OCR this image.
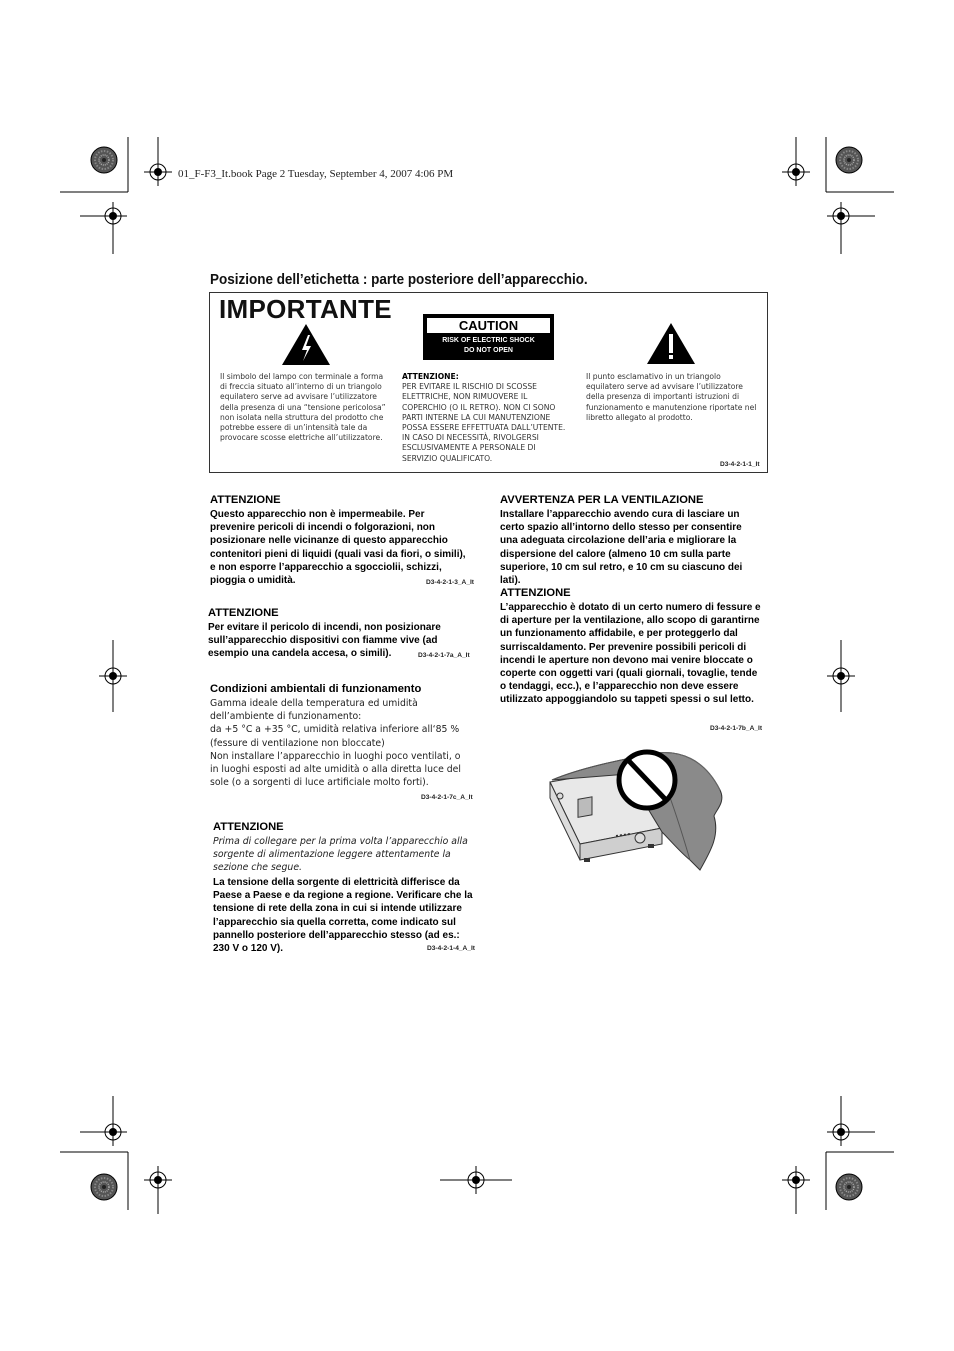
01_F-F3_It.book Page 2 Tuesday, September 4, 2007 4:06 PM
Posizione dell’etichetta : parte posteriore dell’apparecchio.
IMPORTANTE
CAUTION
RISK OF ELECTRIC SHOCK
DO NOT OPEN
Il simbolo del lampo con terminale a forma di freccia situato all’interno di un triangolo equilatero serve ad avvisare l’utilizzatore della presenza di una “tensione pericolosa” non isolata nella struttura del prodotto che potrebbe essere di un’intensità tale da provocare scosse elettriche all’utilizzatore.
ATTENZIONE:
PER EVITARE IL RISCHIO DI SCOSSE ELETTRICHE, NON RIMUOVERE IL COPERCHIO (O IL RETRO). NON CI SONO PARTI INTERNE LA CUI MANUTENZIONE POSSA ESSERE EFFETTUATA DALL’UTENTE. IN CASO DI NECESSITÀ, RIVOLGERSI ESCLUSIVAMENTE A PERSONALE DI SERVIZIO QUALIFICATO.
Il punto esclamativo in un triangolo equilatero serve ad avvisare l’utilizzatore della presenza di importanti istruzioni di funzionamento e manutenzione riportate nel libretto allegato al prodotto.
D3-4-2-1-1_It
ATTENZIONE
Questo apparecchio non è impermeabile. Per prevenire pericoli di incendi o folgorazioni, non posizionare nelle vicinanze di questo apparecchio contenitori pieni di liquidi (quali vasi da fiori, o simili), e non esporre l’apparecchio a sgocciolii, schizzi, pioggia o umidità.	D3-4-2-1-3_A_It
ATTENZIONE
Per evitare il pericolo di incendi, non posizionare sull’apparecchio dispositivi con fiamme vive (ad esempio una candela accesa, o simili).	D3-4-2-1-7a_A_It
Condizioni ambientali di funzionamento
Gamma ideale della temperatura ed umidità
dell’ambiente di funzionamento:
da +5 °C a +35 °C, umidità relativa inferiore all‘85 %
(fessure di ventilazione non bloccate)
Non installare l’apparecchio in luoghi poco ventilati, o
in luoghi esposti ad alte umidità o alla diretta luce del
sole (o a sorgenti di luce artificiale molto forti).
D3-4-2-1-7c_A_It
ATTENZIONE
Prima di collegare per la prima volta l’apparecchio alla sorgente di alimentazione leggere attentamente la sezione che segue.
La tensione della sorgente di elettricità differisce da Paese a Paese e da regione a regione. Verificare che la tensione di rete della zona in cui si intende utilizzare l’apparecchio sia quella corretta, come indicato sul pannello posteriore dell’apparecchio stesso (ad es.: 230 V o 120 V).	D3-4-2-1-4_A_It
AVVERTENZA PER LA VENTILAZIONE
Installare l’apparecchio avendo cura di lasciare un certo spazio all’intorno dello stesso per consentire una adeguata circolazione dell’aria e migliorare la dispersione del calore (almeno 10 cm sulla parte superiore, 10 cm sul retro, e 10 cm su ciascuno dei lati).
ATTENZIONE
L’apparecchio è dotato di un certo numero di fessure e di aperture per la ventilazione, allo scopo di garantirne un funzionamento affidabile, e per proteggerlo dal surriscaldamento. Per prevenire possibili pericoli di incendi le aperture non devono mai venire bloccate o coperte con oggetti vari (quali giornali, tovaglie, tende o tendaggi, ecc.), e l’apparecchio non deve essere utilizzato appoggiandolo su tappeti spessi o sul letto.
D3-4-2-1-7b_A_It
